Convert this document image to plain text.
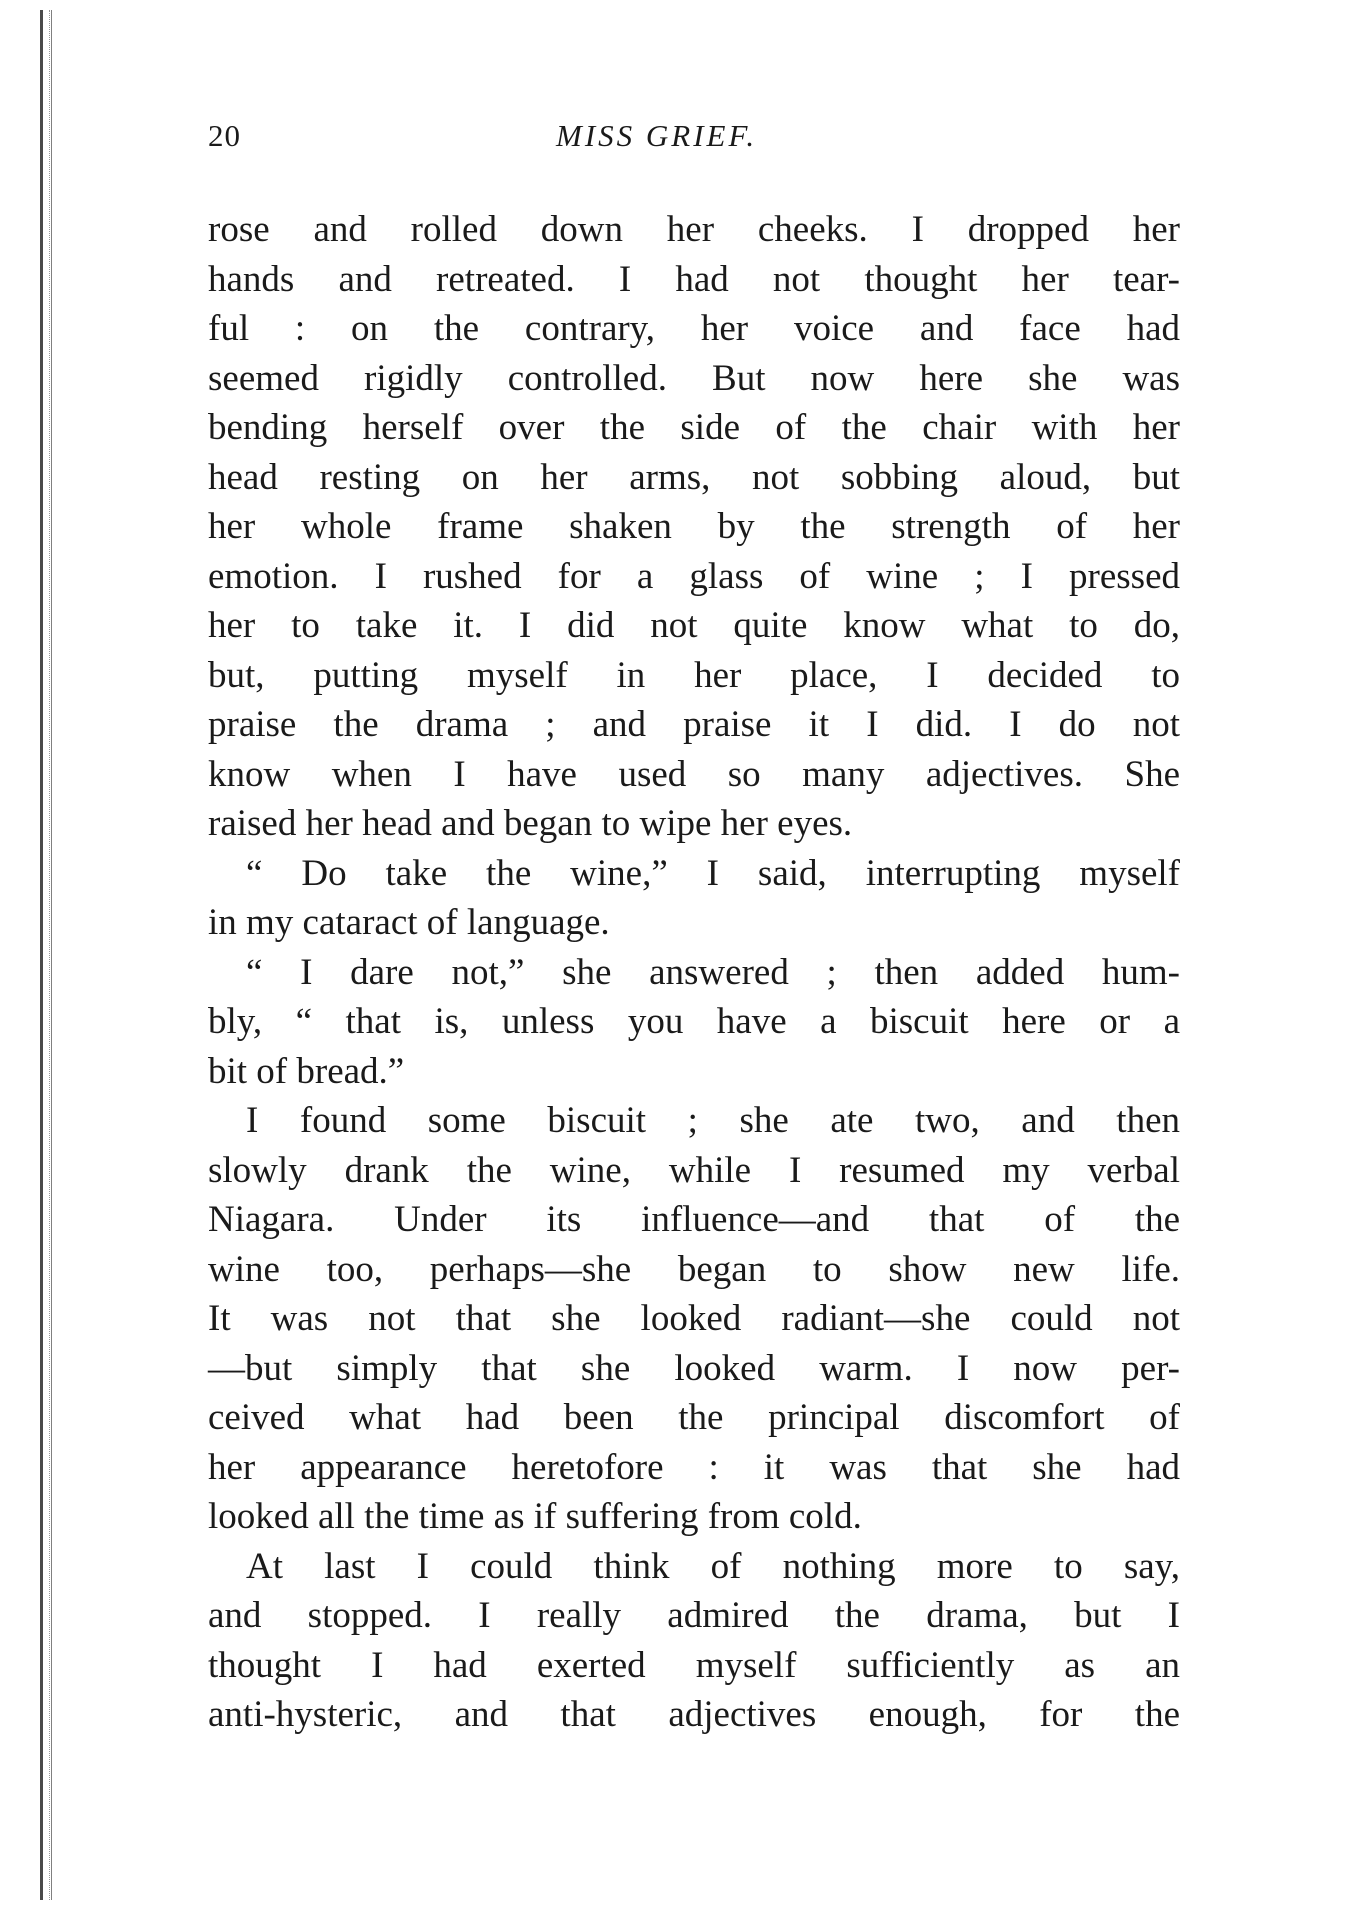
20	MISS GRIEF.
rose and rolled down her cheeks. I dropped her
hands and retreated. I had not thought her tear-
ful : on the contrary, her voice and face had
seemed rigidly controlled. But now here she was
bending herself over the side of the chair with her
head resting on her arms, not sobbing aloud, but
her whole frame shaken by the strength of her
emotion. I rushed for a glass of wine ; I pressed
her to take it. I did not quite know what to do,
but, putting myself in her place, I decided to
praise the drama ; and praise it I did. I do not
know when I have used so many adjectives. She
raised her head and began to wipe her eyes.
“ Do take the wine,” I said, interrupting myself
in my cataract of language.
“ I dare not,” she answered ; then added hum-
bly, “ that is, unless you have a biscuit here or a
bit of bread.”
I found some biscuit ; she ate two, and then
slowly drank the wine, while I resumed my verbal
Niagara. Under its influence—and that of the
wine too, perhaps—she began to show new life.
It was not that she looked radiant—she could not
—but simply that she looked warm. I now per-
ceived what had been the principal discomfort of
her appearance heretofore : it was that she had
looked all the time as if suffering from cold.
At last I could think of nothing more to say,
and stopped. I really admired the drama, but I
thought I had exerted myself sufficiently as an
anti-hysteric, and that adjectives enough, for the
